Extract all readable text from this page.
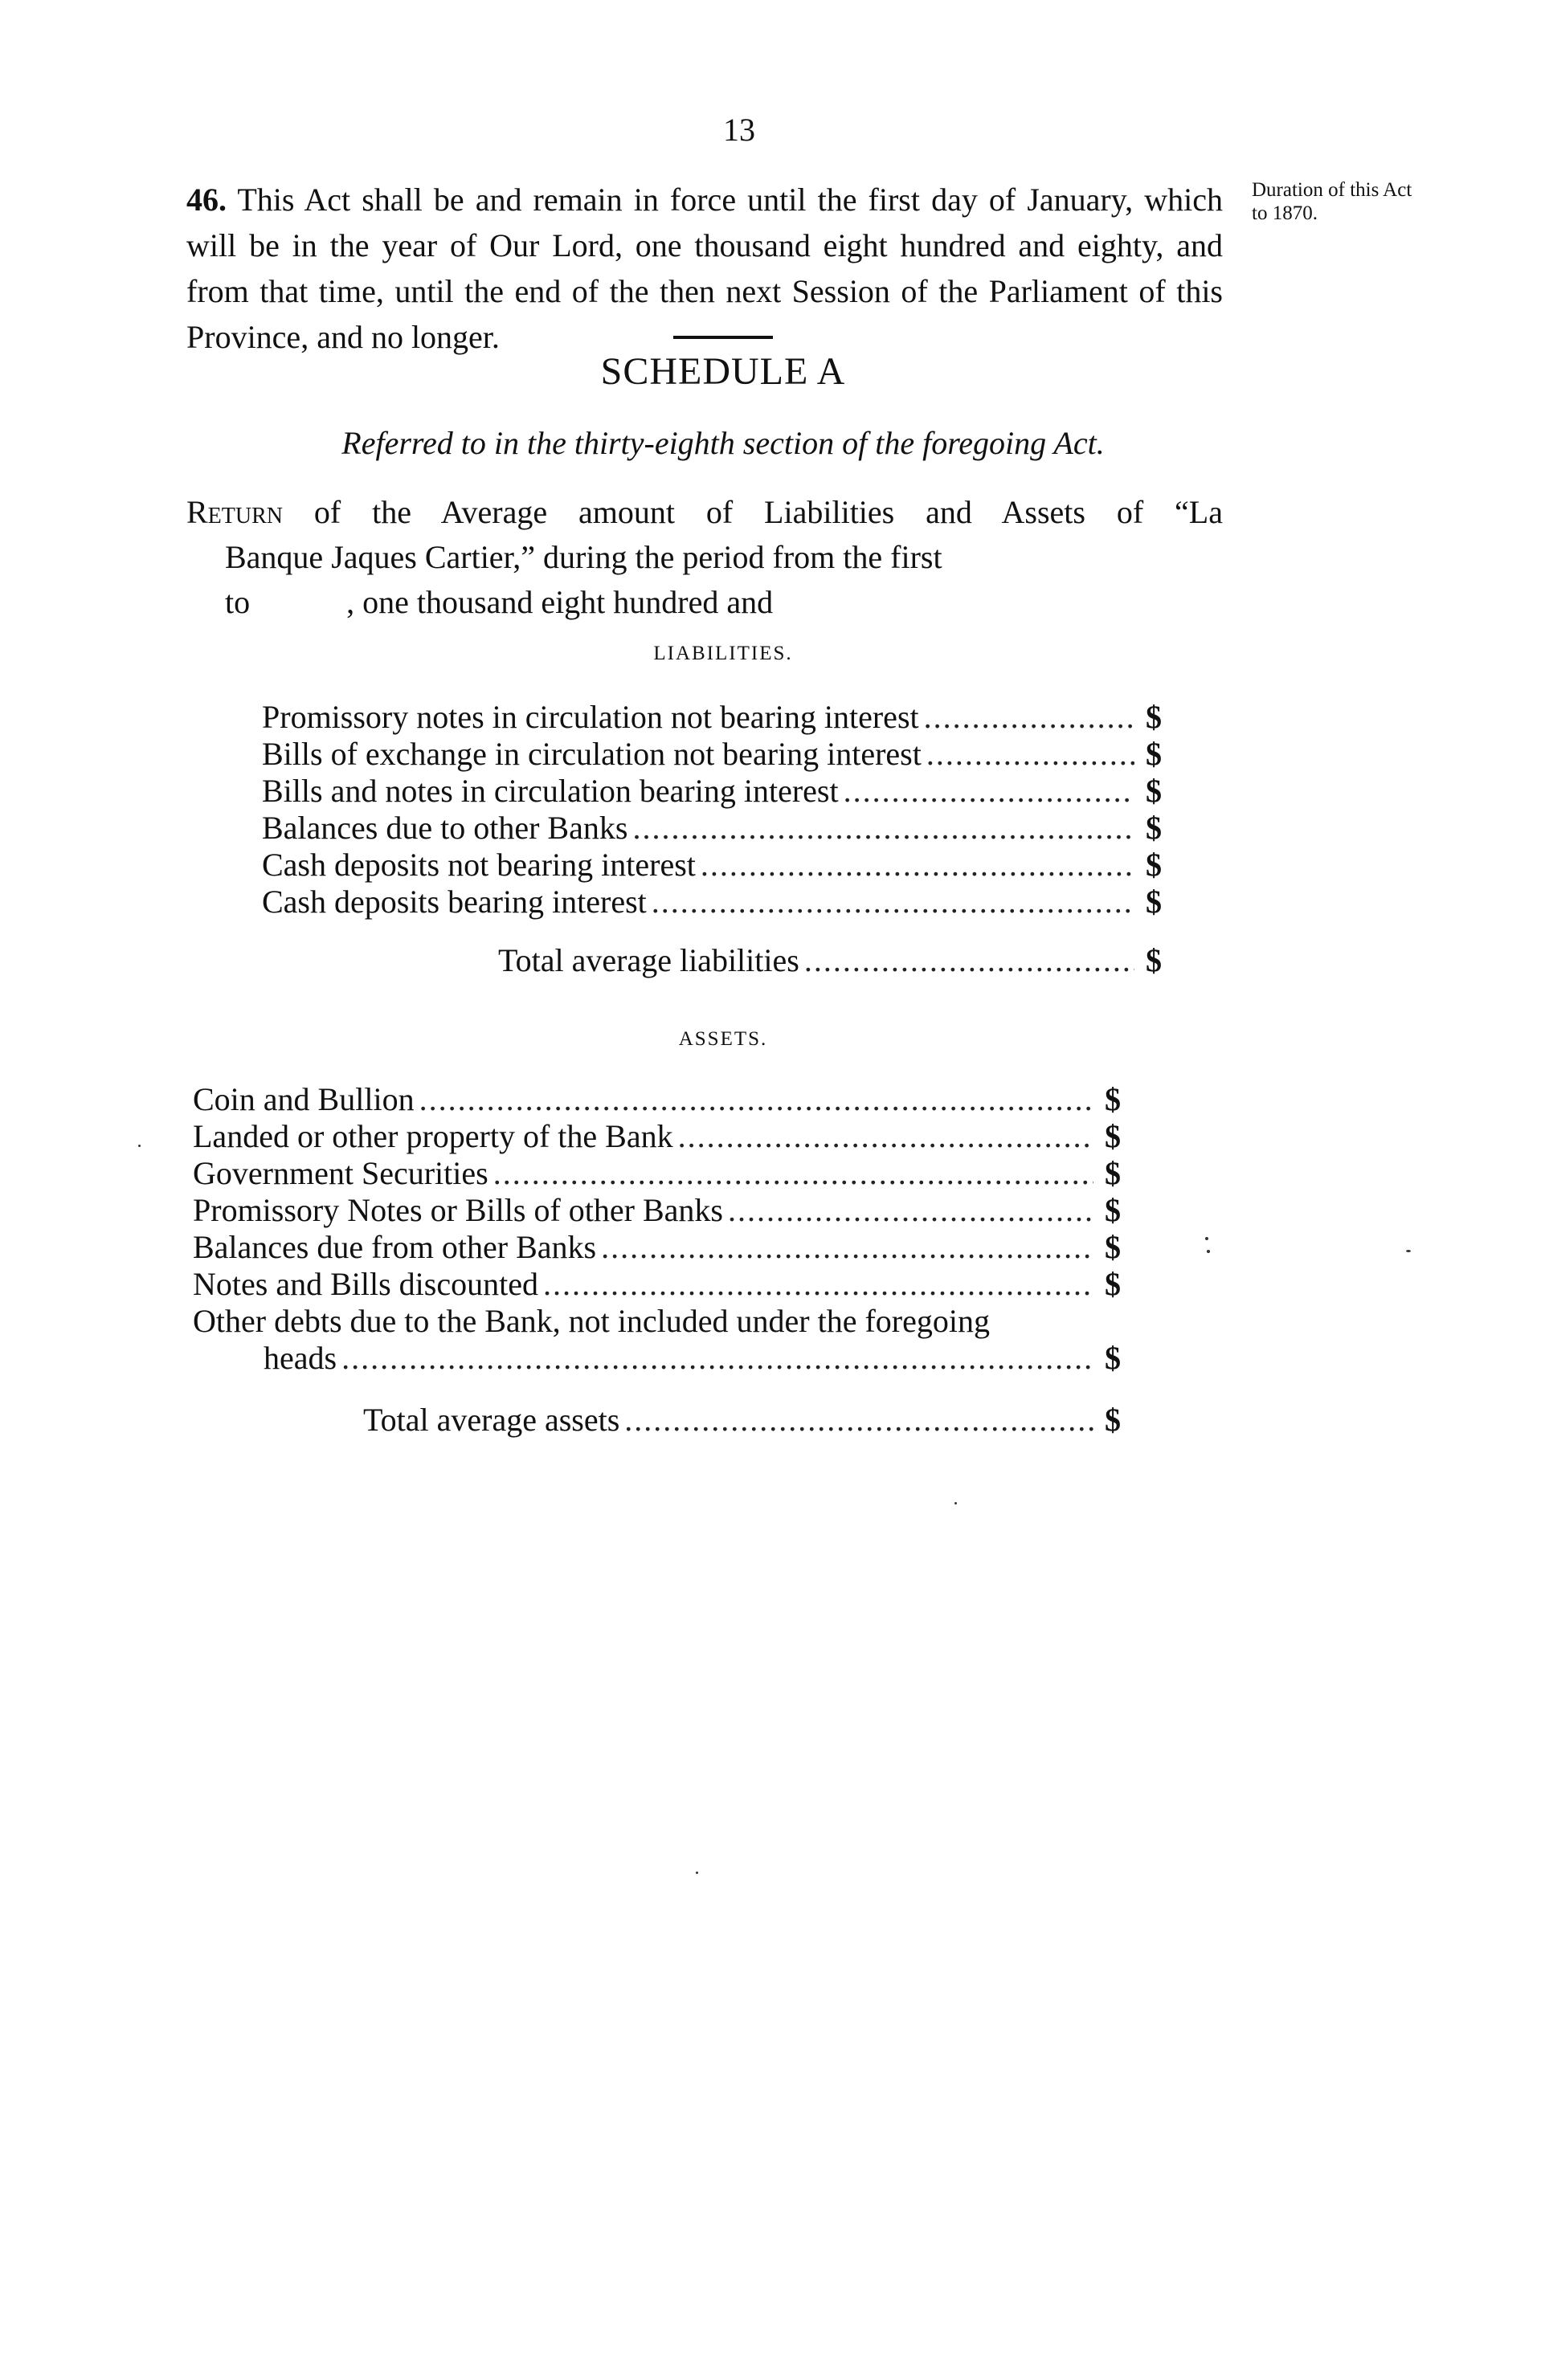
13
46. This Act shall be and remain in force until the first day of January, which will be in the year of Our Lord, one thousand eight hundred and eighty, and from that time, until the end of the then next Session of the Parliament of this Province, and no longer.
Duration of this Act to 1870.
SCHEDULE A
Referred to in the thirty-eighth section of the foregoing Act.
Return of the Average amount of Liabilities and Assets of “La
Banque Jaques Cartier,” during the period from the first
to	, one thousand eight hundred and
LIABILITIES.
Promissory notes in circulation not bearing interest .....	$
Bills of exchange in circulation not bearing interest .....	$
Bills and notes in circulation bearing interest .....	$
Balances due to other Banks .....	$
Cash deposits not bearing interest .....	$
Cash deposits bearing interest .....	$
Total average liabilities .....	$
ASSETS.
Coin and Bullion .....	$
Landed or other property of the Bank .....	$
Government Securities .....	$
Promissory Notes or Bills of other Banks .....	$
Balances due from other Banks .....	$
Notes and Bills discounted .....	$
Other debts due to the Bank, not included under the foregoing
heads .....	$
Total average assets .....	$
